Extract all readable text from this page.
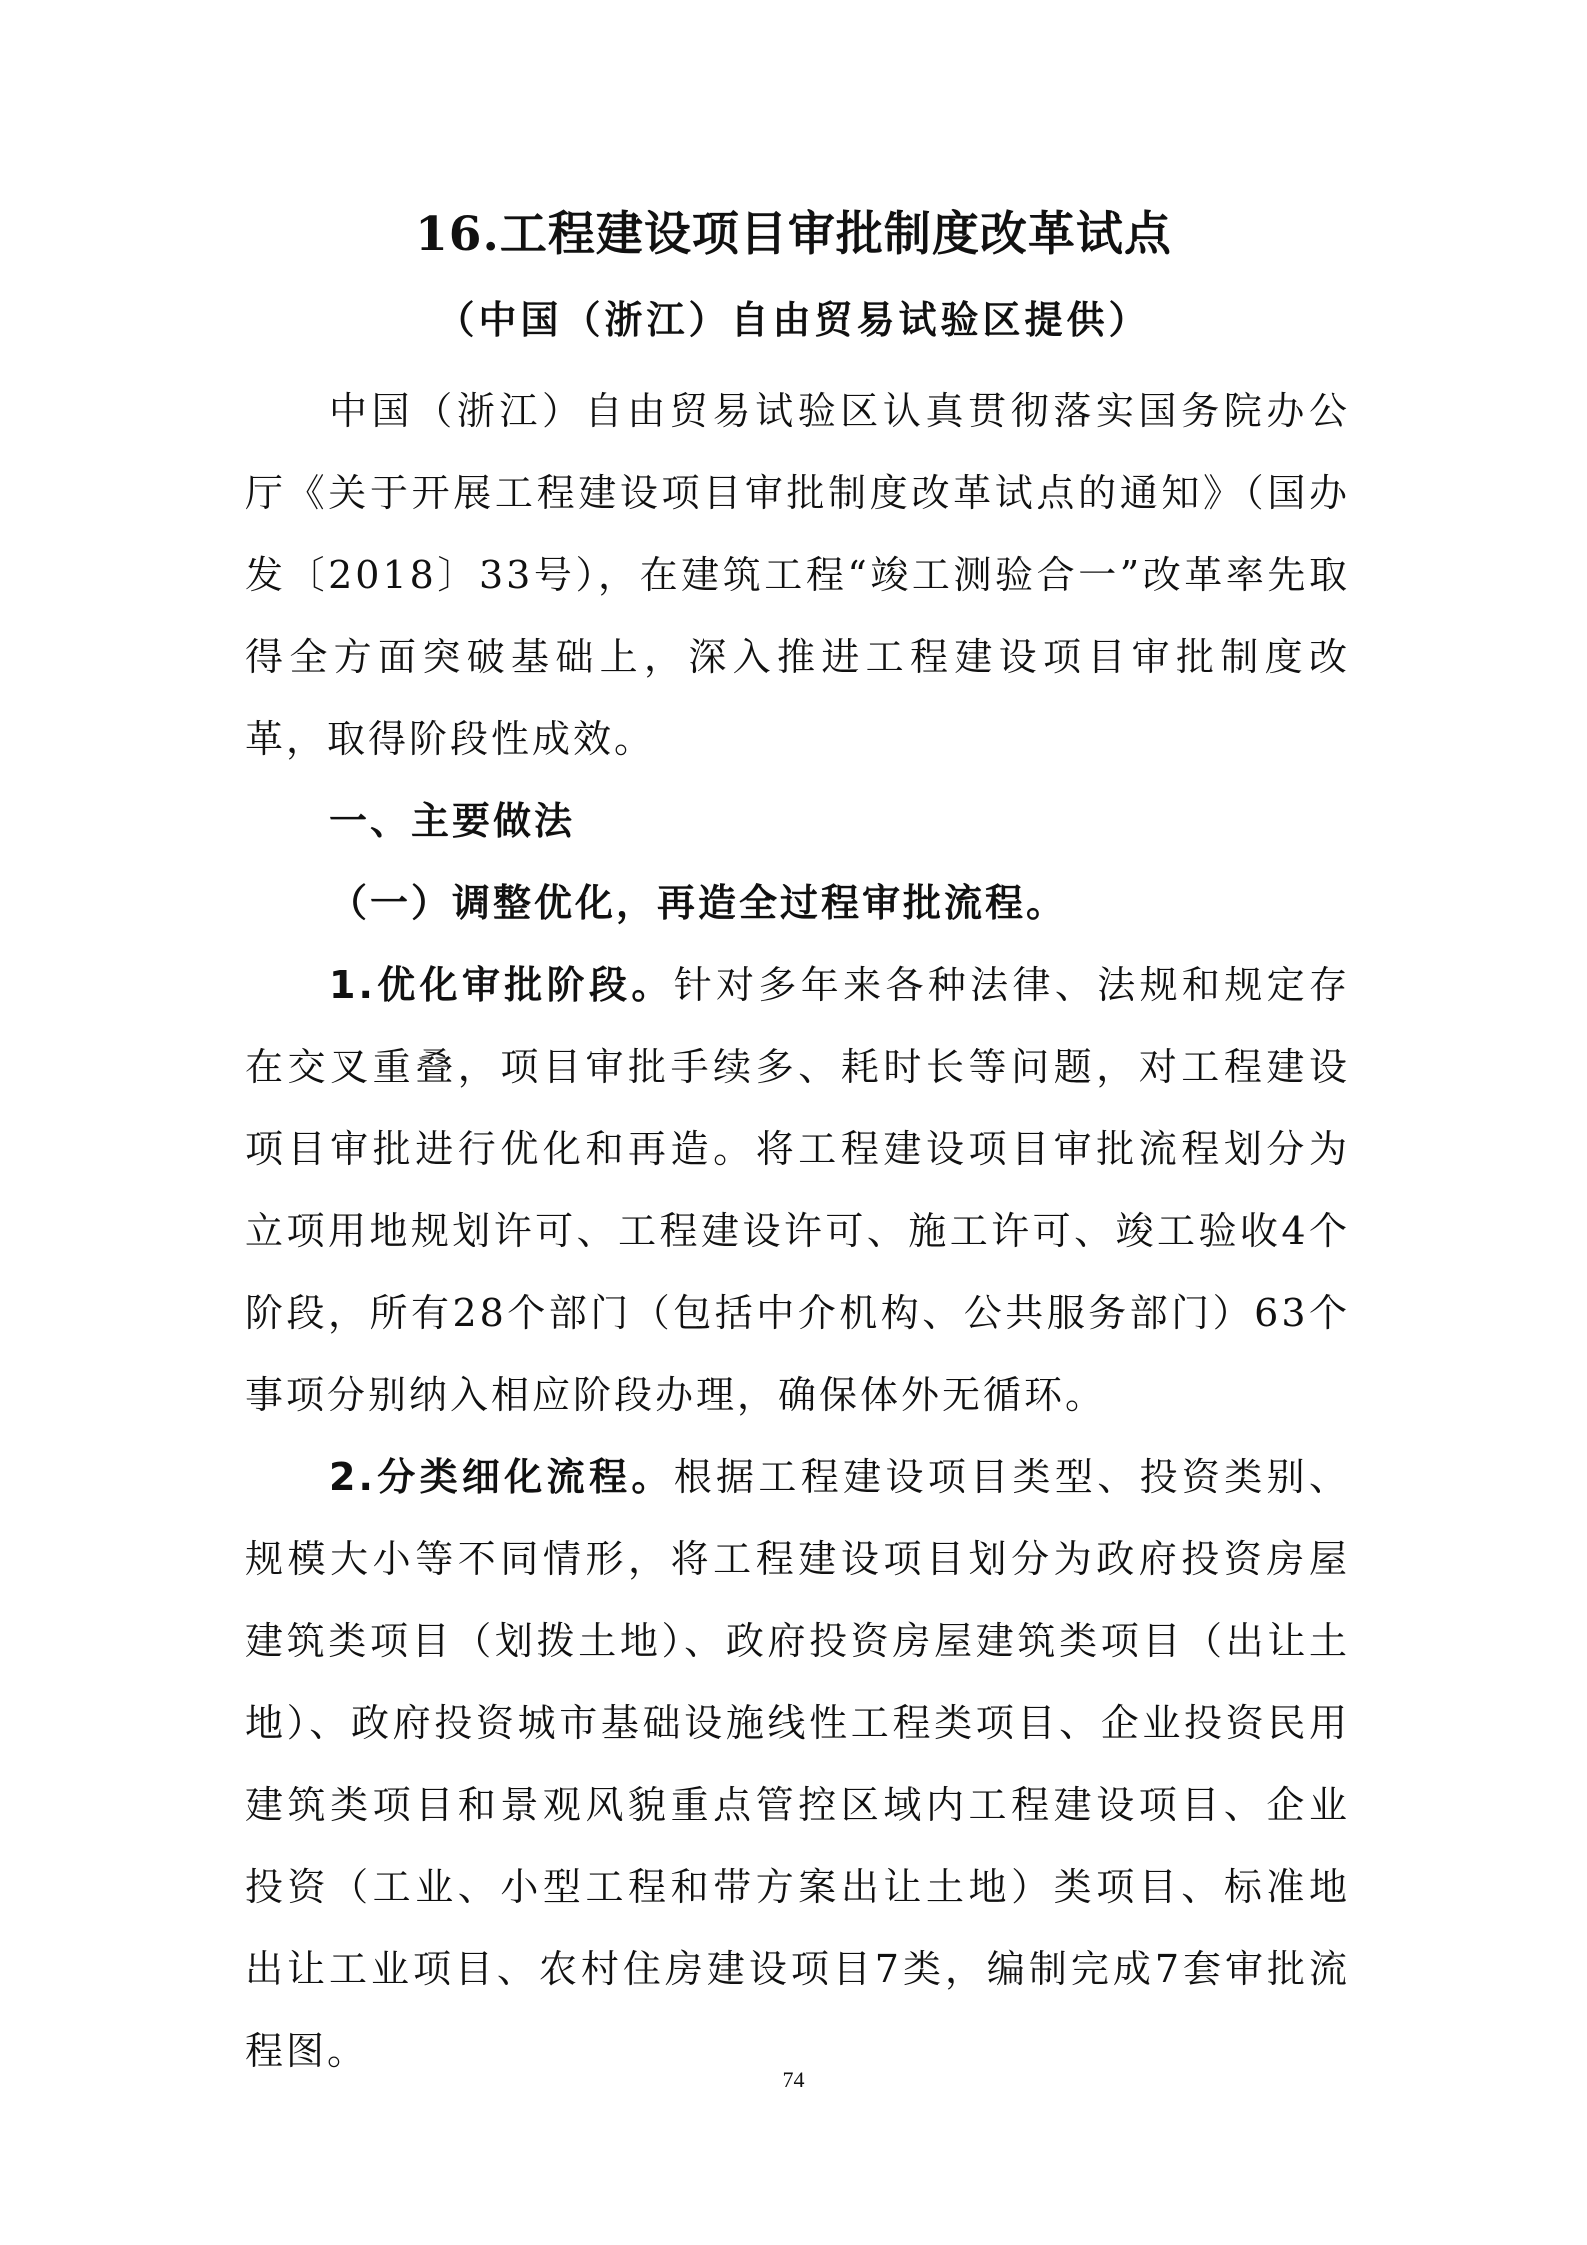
16.工程建设项目审批制度改革试点
（中国（浙江）自由贸易试验区提供）

中国（浙江）自由贸易试验区认真贯彻落实国务院办公厅《关于开展工程建设项目审批制度改革试点的通知》（国办发〔2018〕33号），在建筑工程“竣工测验合一”改革率先取得全方面突破基础上，深入推进工程建设项目审批制度改革，取得阶段性成效。

一、主要做法

（一）调整优化，再造全过程审批流程。

1.优化审批阶段。针对多年来各种法律、法规和规定存在交叉重叠，项目审批手续多、耗时长等问题，对工程建设项目审批进行优化和再造。将工程建设项目审批流程划分为立项用地规划许可、工程建设许可、施工许可、竣工验收4个阶段，所有28个部门（包括中介机构、公共服务部门）63个事项分别纳入相应阶段办理，确保体外无循环。

2.分类细化流程。根据工程建设项目类型、投资类别、规模大小等不同情形，将工程建设项目划分为政府投资房屋建筑类项目（划拨土地）、政府投资房屋建筑类项目（出让土地）、政府投资城市基础设施线性工程类项目、企业投资民用建筑类项目和景观风貌重点管控区域内工程建设项目、企业投资（工业、小型工程和带方案出让土地）类项目、标准地出让工业项目、农村住房建设项目7类，编制完成7套审批流程图。

74
